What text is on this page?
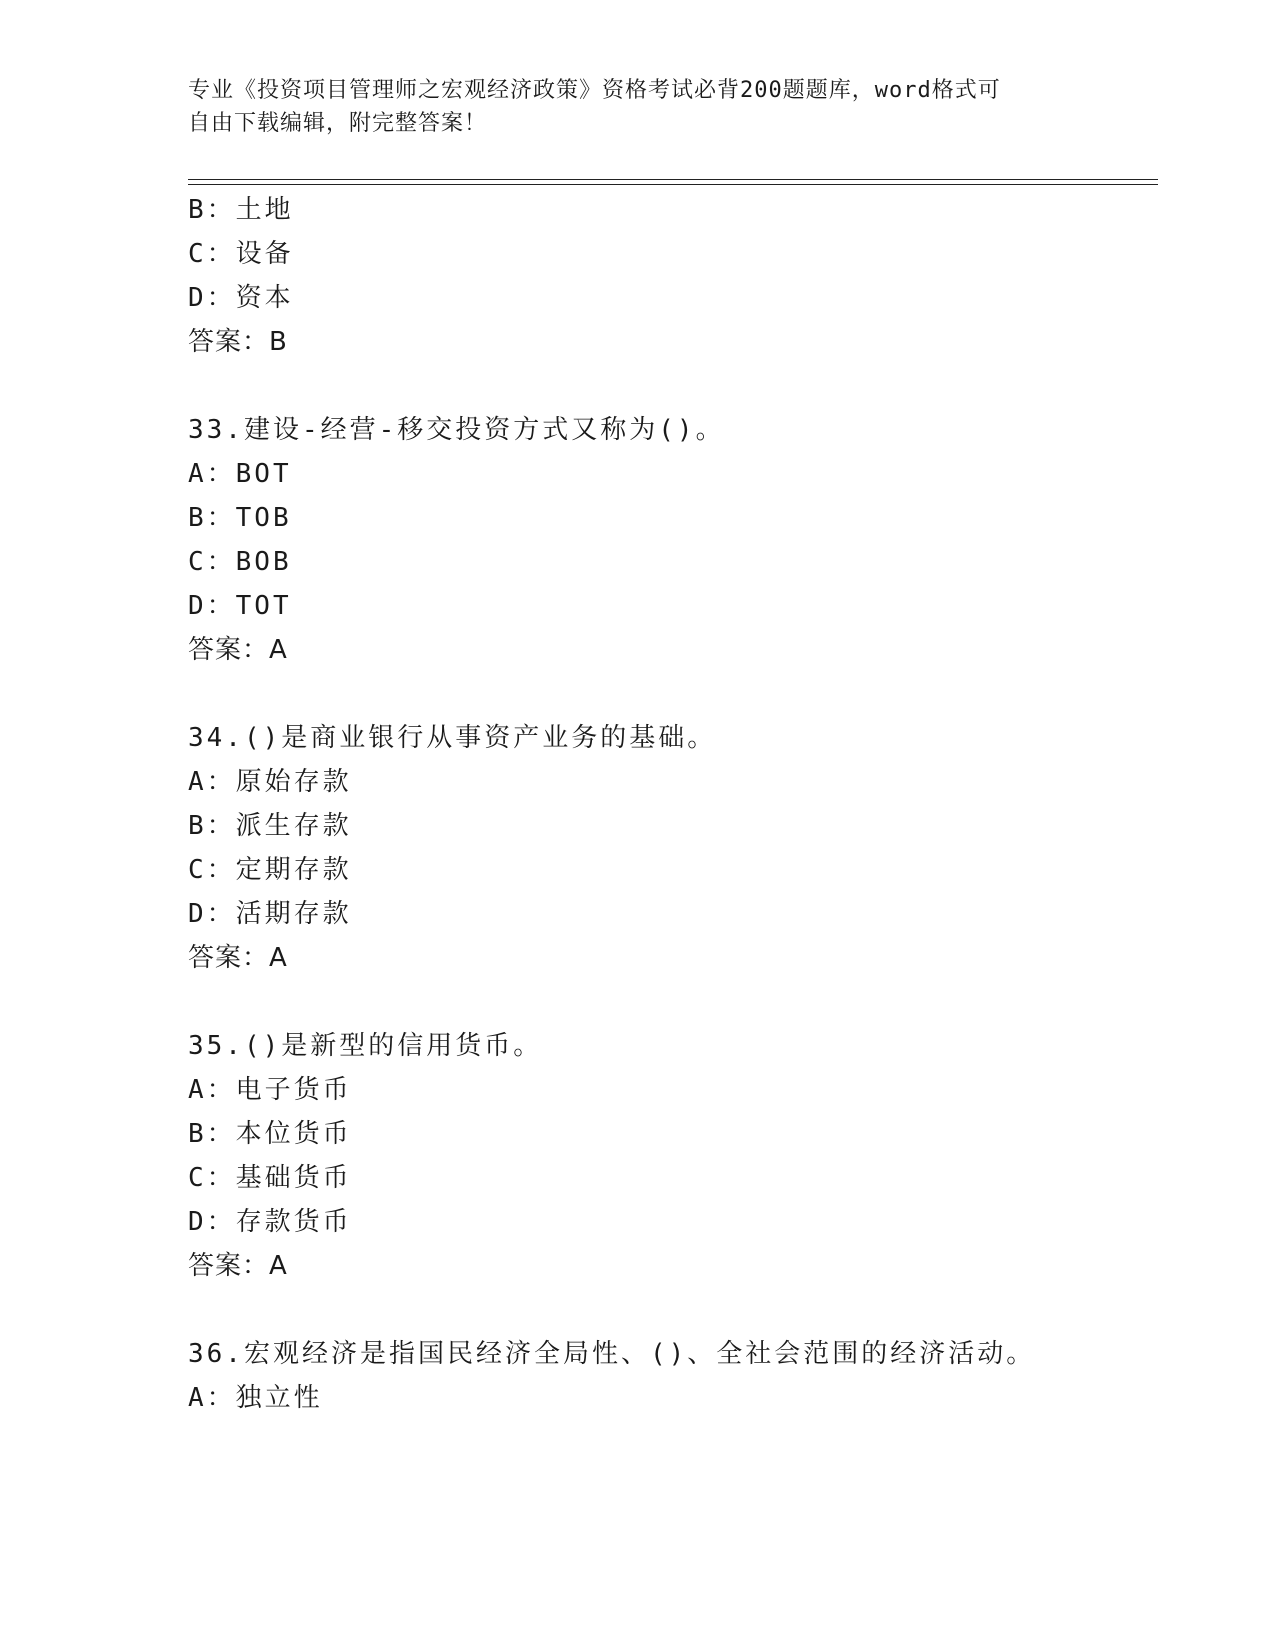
专业《投资项目管理师之宏观经济政策》资格考试必背200题题库，word格式可
自由下载编辑，附完整答案！
B：土地
C：设备
D：资本
答案：B
33.建设-经营-移交投资方式又称为()。
A：BOT
B：TOB
C：BOB
D：TOT
答案：A
34.()是商业银行从事资产业务的基础。
A：原始存款
B：派生存款
C：定期存款
D：活期存款
答案：A
35.()是新型的信用货币。
A：电子货币
B：本位货币
C：基础货币
D：存款货币
答案：A
36.宏观经济是指国民经济全局性、()、全社会范围的经济活动。
A：独立性
